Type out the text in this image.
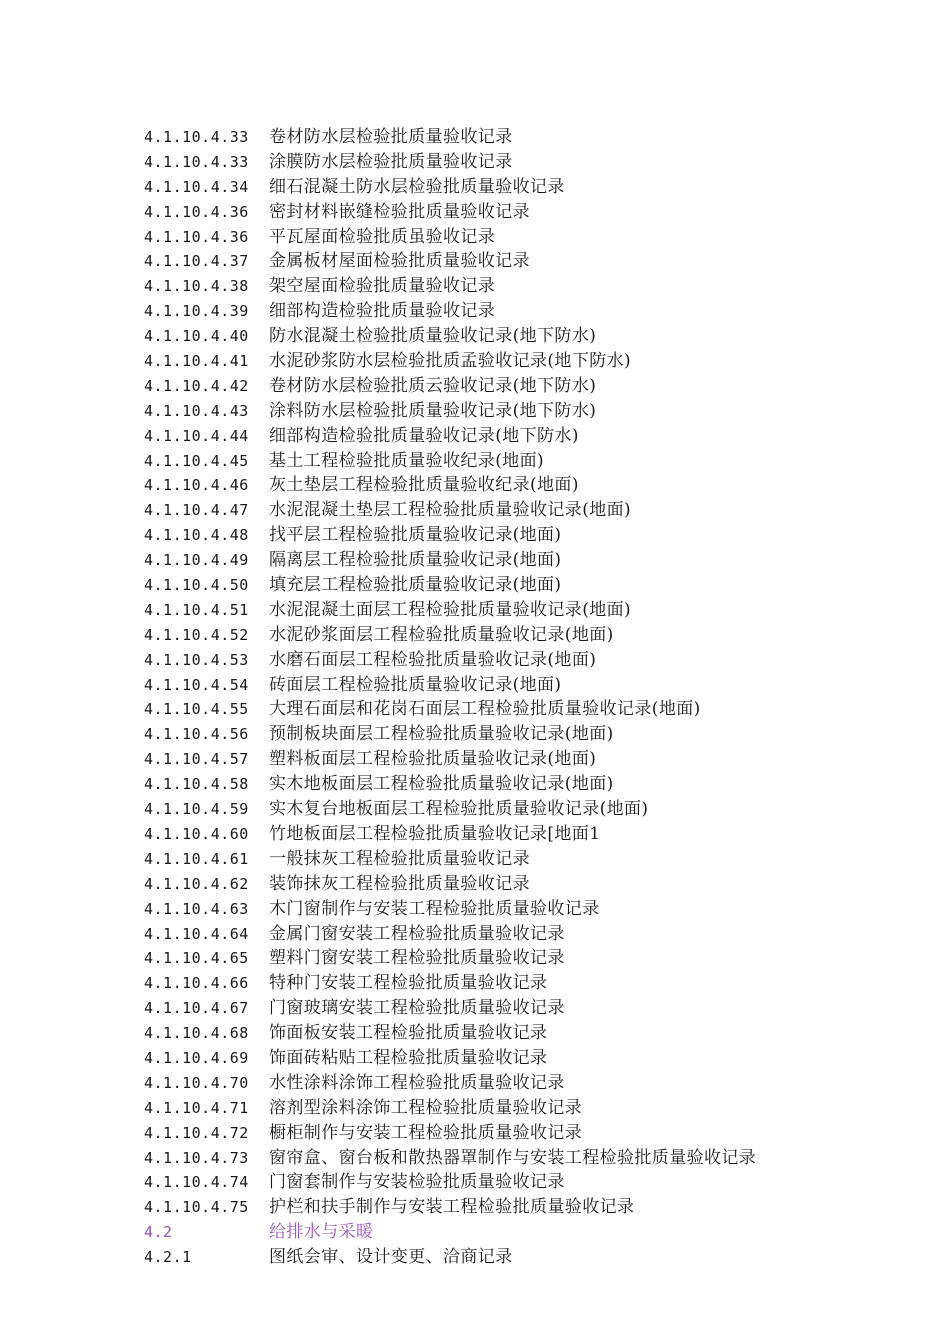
4.1.10.4.33	卷材防水层检验批质量验收记录
4.1.10.4.33	涂膜防水层检验批质量验收记录
4.1.10.4.34	细石混凝土防水层检验批质量验收记录
4.1.10.4.36	密封材料嵌缝检验批质量验收记录
4.1.10.4.36	平瓦屋面检验批质虽验收记录
4.1.10.4.37	金属板材屋面检验批质量验收记录
4.1.10.4.38	架空屋面检验批质量验收记录
4.1.10.4.39	细部构造检验批质量验收记录
4.1.10.4.40	防水混凝土检验批质量验收记录(地下防水)
4.1.10.4.41	水泥砂浆防水层检验批质孟验收记录(地下防水)
4.1.10.4.42	卷材防水层检验批质云验收记录(地下防水)
4.1.10.4.43	涂料防水层检验批质量验收记录(地下防水)
4.1.10.4.44	细部构造检验批质量验收记录(地下防水)
4.1.10.4.45	基土工程检验批质量验收纪录(地面)
4.1.10.4.46	灰土垫层工程检验批质量验收纪录(地面)
4.1.10.4.47	水泥混凝土垫层工程检验批质量验收记录(地面)
4.1.10.4.48	找平层工程检验批质量验收记录(地面)
4.1.10.4.49	隔离层工程检验批质量验收记录(地面)
4.1.10.4.50	填充层工程检验批质量验收记录(地面)
4.1.10.4.51	水泥混凝土面层工程检验批质量验收记录(地面)
4.1.10.4.52	水泥砂浆面层工程检验批质量验收记录(地面)
4.1.10.4.53	水磨石面层工程检验批质量验收记录(地面)
4.1.10.4.54	砖面层工程检验批质量验收记录(地面)
4.1.10.4.55	大理石面层和花岗石面层工程检验批质量验收记录(地面)
4.1.10.4.56	预制板块面层工程检验批质量验收记录(地面)
4.1.10.4.57	塑料板面层工程检验批质量验收记录(地面)
4.1.10.4.58	实木地板面层工程检验批质量验收记录(地面)
4.1.10.4.59	实木复台地板面层工程检验批质量验收记录(地面)
4.1.10.4.60	竹地板面层工程检验批质量验收记录[地面1
4.1.10.4.61	一般抹灰工程检验批质量验收记录
4.1.10.4.62	装饰抹灰工程检验批质量验收记录
4.1.10.4.63	木门窗制作与安装工程检验批质量验收记录
4.1.10.4.64	金属门窗安装工程检验批质量验收记录
4.1.10.4.65	塑料门窗安装工程检验批质量验收记录
4.1.10.4.66	特种门安装工程检验批质量验收记录
4.1.10.4.67	门窗玻璃安装工程检验批质量验收记录
4.1.10.4.68	饰面板安装工程检验批质量验收记录
4.1.10.4.69	饰面砖粘贴工程检验批质量验收记录
4.1.10.4.70	水性涂料涂饰工程检验批质量验收记录
4.1.10.4.71	溶剂型涂料涂饰工程检验批质量验收记录
4.1.10.4.72	橱柜制作与安装工程检验批质量验收记录
4.1.10.4.73	窗帘盒、窗台板和散热器罩制作与安装工程检验批质量验收记录
4.1.10.4.74	门窗套制作与安装检验批质量验收记录
4.1.10.4.75	护栏和扶手制作与安装工程检验批质量验收记录
4.2	给排水与采暖
4.2.1	图纸会审、设计变更、洽商记录
